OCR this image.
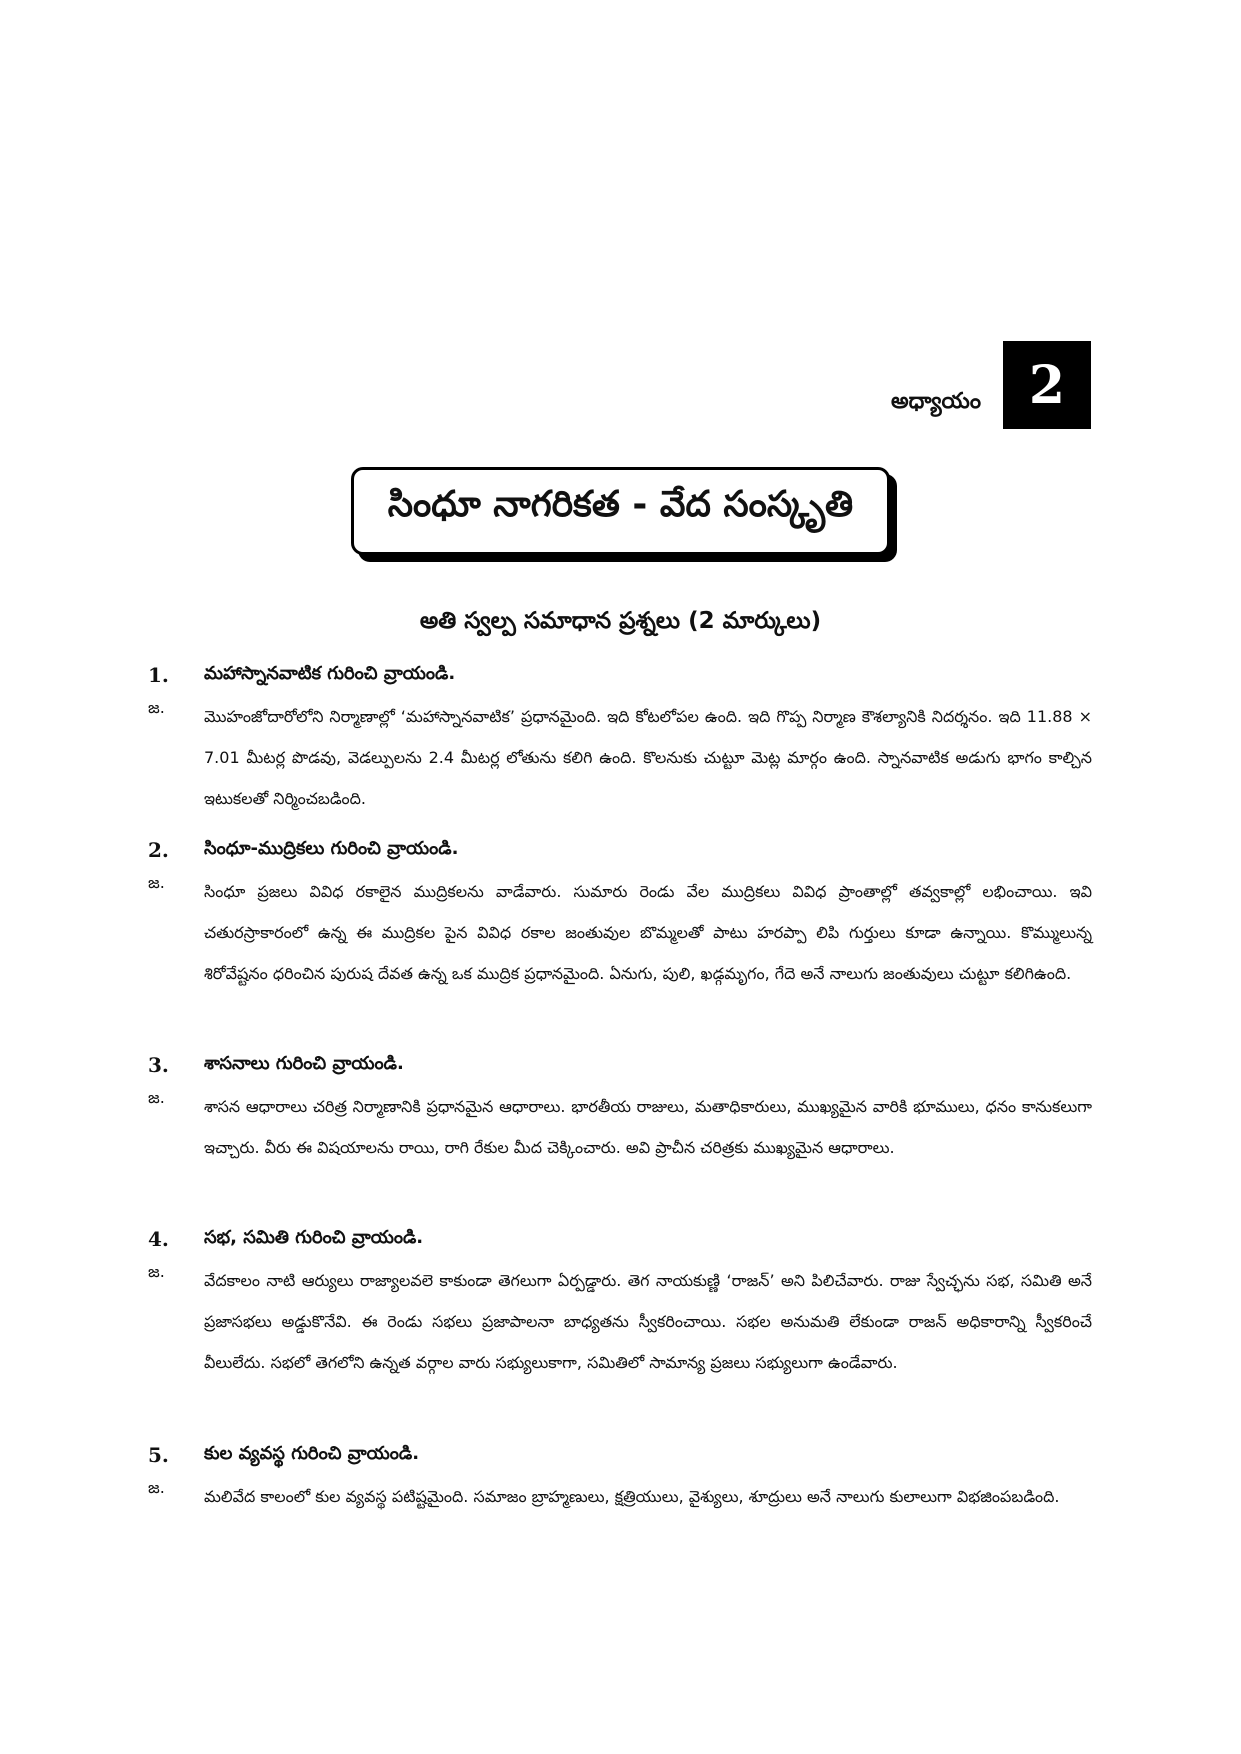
అధ్యాయం 2
సింధూ నాగరికత - వేద సంస్కృతి
అతి స్వల్ప సమాధాన ప్రశ్నలు (2 మార్కులు)
1.	మహాస్నానవాటిక గురించి వ్రాయండి.
జ.	మొహంజోదారోలోని నిర్మాణాల్లో ‘మహాస్నానవాటిక’ ప్రధానమైంది. ఇది కోటలోపల ఉంది. ఇది గొప్ప నిర్మాణ కౌశల్యానికి నిదర్శనం. ఇది 11.88 × 7.01 మీటర్ల పొడవు, వెడల్పులను 2.4 మీటర్ల లోతును కలిగి ఉంది. కొలనుకు చుట్టూ మెట్ల మార్గం ఉంది. స్నానవాటిక అడుగు భాగం కాల్చిన ఇటుకలతో నిర్మించబడింది.
2.	సింధూ-ముద్రికలు గురించి వ్రాయండి.
జ.	సింధూ ప్రజలు వివిధ రకాలైన ముద్రికలను వాడేవారు. సుమారు రెండు వేల ముద్రికలు వివిధ ప్రాంతాల్లో తవ్వకాల్లో లభించాయి. ఇవి చతురస్రాకారంలో ఉన్న ఈ ముద్రికల పైన వివిధ రకాల జంతువుల బొమ్మలతో పాటు హరప్పా లిపి గుర్తులు కూడా ఉన్నాయి. కొమ్ములున్న శిరోవేష్టనం ధరించిన పురుష దేవత ఉన్న ఒక ముద్రిక ప్రధానమైంది. ఏనుగు, పులి, ఖడ్గమృగం, గేదె అనే నాలుగు జంతువులు చుట్టూ కలిగిఉంది.
3.	శాసనాలు గురించి వ్రాయండి.
జ.	శాసన ఆధారాలు చరిత్ర నిర్మాణానికి ప్రధానమైన ఆధారాలు. భారతీయ రాజులు, మతాధికారులు, ముఖ్యమైన వారికి భూములు, ధనం కానుకలుగా ఇచ్చారు. వీరు ఈ విషయాలను రాయి, రాగి రేకుల మీద చెక్కించారు. అవి ప్రాచీన చరిత్రకు ముఖ్యమైన ఆధారాలు.
4.	సభ, సమితి గురించి వ్రాయండి.
జ.	వేదకాలం నాటి ఆర్యులు రాజ్యాలవలె కాకుండా తెగలుగా ఏర్పడ్డారు. తెగ నాయకుణ్ణి ‘రాజన్’ అని పిలిచేవారు. రాజు స్వేచ్ఛను సభ, సమితి అనే ప్రజాసభలు అడ్డుకొనేవి. ఈ రెండు సభలు ప్రజాపాలనా బాధ్యతను స్వీకరించాయి. సభల అనుమతి లేకుండా రాజన్ అధికారాన్ని స్వీకరించే వీలులేదు. సభలో తెగలోని ఉన్నత వర్గాల వారు సభ్యులుకాగా, సమితిలో సామాన్య ప్రజలు సభ్యులుగా ఉండేవారు.
5.	కుల వ్యవస్థ గురించి వ్రాయండి.
జ.	మలివేద కాలంలో కుల వ్యవస్థ పటిష్టమైంది. సమాజం బ్రాహ్మణులు, క్షత్రియులు, వైశ్యులు, శూద్రులు అనే నాలుగు కులాలుగా విభజింపబడింది.
